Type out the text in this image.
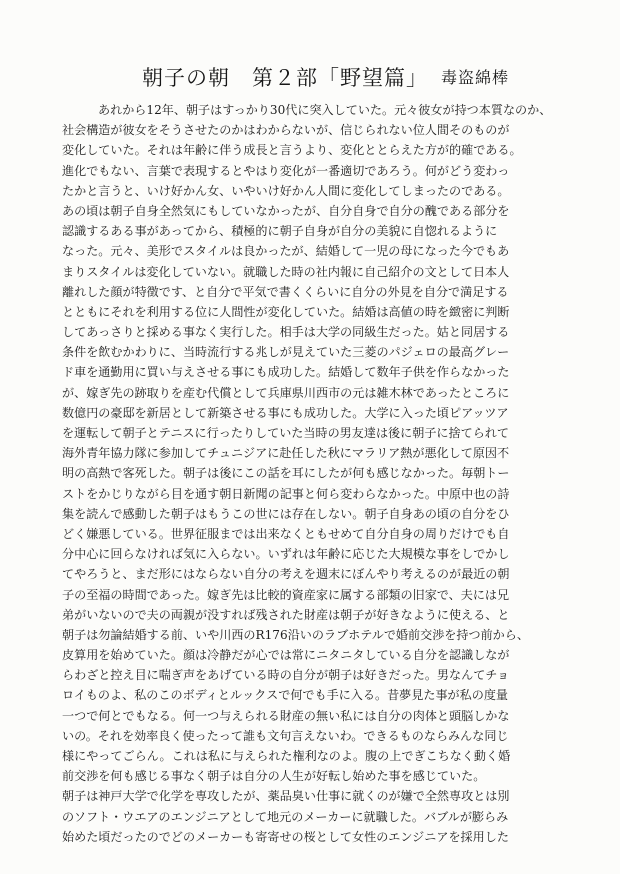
朝子の朝　第２部「野望篇」 毒盗綿棒
あれから12年、朝子はすっかり30代に突入していた。元々彼女が持つ本質なのか、
社会構造が彼女をそうさせたのかはわからないが、信じられない位人間そのものが
変化していた。それは年齢に伴う成長と言うより、変化ととらえた方が的確である。
進化でもない、言葉で表現するとやはり変化が一番適切であろう。何がどう変わっ
たかと言うと、いけ好かん女、いやいけ好かん人間に変化してしまったのである。
あの頃は朝子自身全然気にもしていなかったが、自分自身で自分の醜である部分を
認識するある事があってから、積極的に朝子自身が自分の美貌に自惚れるように
なった。元々、美形でスタイルは良かったが、結婚して一児の母になった今でもあ
まりスタイルは変化していない。就職した時の社内報に自己紹介の文として日本人
離れした顔が特徴です、と自分で平気で書くくらいに自分の外見を自分で満足する
とともにそれを利用する位に人間性が変化していた。結婚は高値の時を緻密に判断
してあっさりと採める事なく実行した。相手は大学の同級生だった。姑と同居する
条件を飲むかわりに、当時流行する兆しが見えていた三菱のパジェロの最高グレー
ド車を通勤用に買い与えさせる事にも成功した。結婚して数年子供を作らなかった
が、嫁ぎ先の跡取りを産む代償として兵庫県川西市の元は雑木林であったところに
数億円の豪邸を新居として新築させる事にも成功した。大学に入った頃ピアッツア
を運転して朝子とテニスに行ったりしていた当時の男友達は後に朝子に捨てられて
海外青年協力隊に参加してチュニジアに赴任した秋にマラリア熱が悪化して原因不
明の高熱で客死した。朝子は後にこの話を耳にしたが何も感じなかった。毎朝トー
ストをかじりながら目を通す朝日新聞の記事と何ら変わらなかった。中原中也の詩
集を読んで感動した朝子はもうこの世には存在しない。朝子自身あの頃の自分をひ
どく嫌悪している。世界征服までは出来なくともせめて自分自身の周りだけでも自
分中心に回らなければ気に入らない。いずれは年齢に応じた大規模な事をしでかし
てやろうと、まだ形にはならない自分の考えを週末にぼんやり考えるのが最近の朝
子の至福の時間であった。嫁ぎ先は比較的資産家に属する部類の旧家で、夫には兄
弟がいないので夫の両親が没すれば残された財産は朝子が好きなように使える、と
朝子は勿論結婚する前、いや川西のR176沿いのラブホテルで婚前交渉を持つ前から、
皮算用を始めていた。顔は冷静だが心では常にニタニタしている自分を認識しなが
らわざと控え目に喘ぎ声をあげている時の自分が朝子は好きだった。男なんてチョ
ロイものよ、私のこのボディとルックスで何でも手に入る。昔夢見た事が私の度量
一つで何とでもなる。何一つ与えられる財産の無い私には自分の肉体と頭脳しかな
いの。それを効率良く使ったって誰も文句言えないわ。できるものならみんな同じ
様にやってごらん。これは私に与えられた権利なのよ。腹の上でぎこちなく動く婚
前交渉を何も感じる事なく朝子は自分の人生が好転し始めた事を感じていた。
朝子は神戸大学で化学を専攻したが、薬品臭い仕事に就くのが嫌で全然専攻とは別
のソフト・ウエアのエンジニアとして地元のメーカーに就職した。バブルが膨らみ
始めた頃だったのでどのメーカーも寄寄せの桜として女性のエンジニアを採用した
